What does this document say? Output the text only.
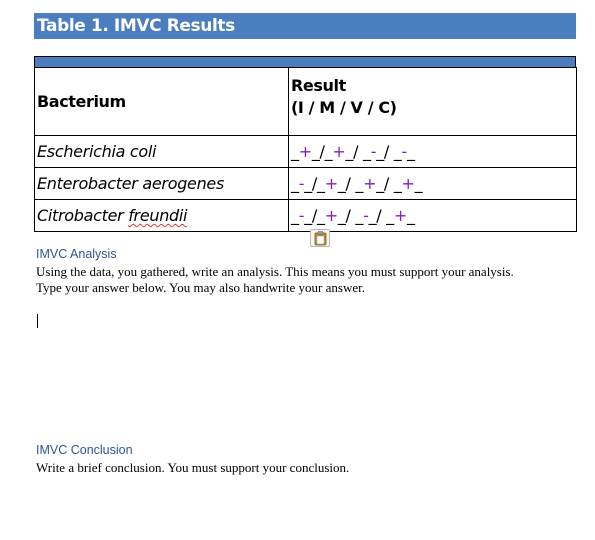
Table 1. IMVC Results
Bacterium	Result
(I / M / V / C)

Escherichia coli	_+_/_+_/ _-_/ _-_
Enterobacter aerogenes	_-_/_+_/ _+_/ _+_
Citrobacter freundii	_-_/_+_/ _-_/ _+_
IMVC Analysis
Using the data, you gathered, write an analysis. This means you must support your analysis.
Type your answer below. You may also handwrite your answer.
IMVC Conclusion
Write a brief conclusion. You must support your conclusion.
